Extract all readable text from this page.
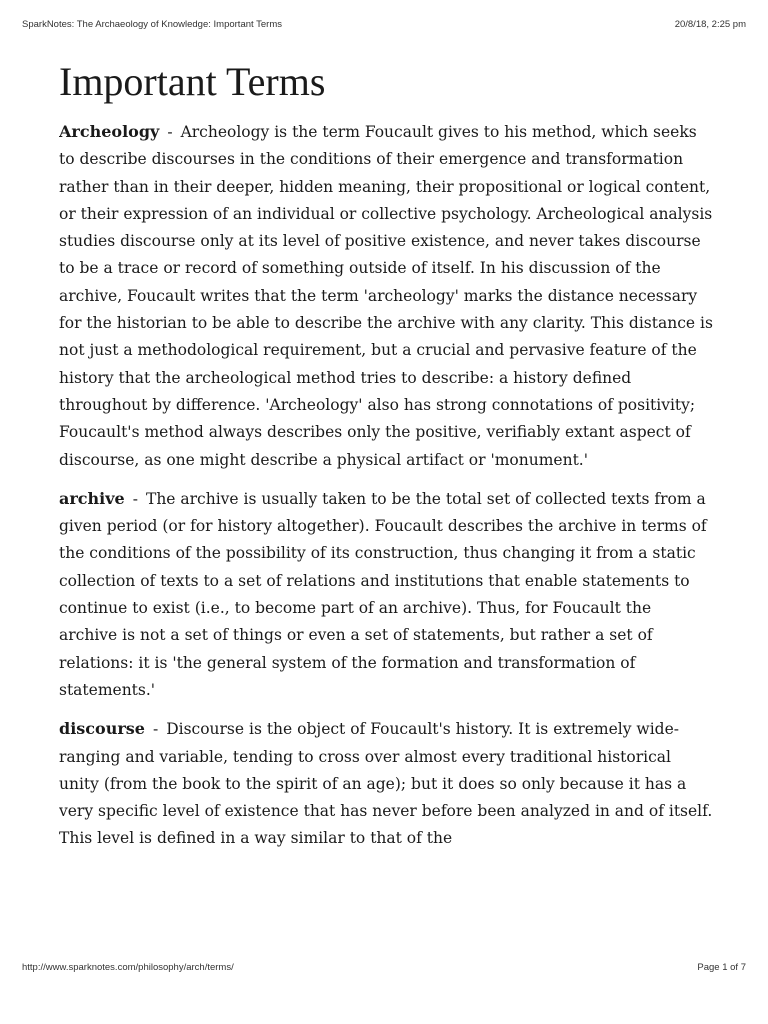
SparkNotes: The Archaeology of Knowledge: Important Terms	20/8/18, 2:25 pm
Important Terms

Archeology - Archeology is the term Foucault gives to his method, which seeks to describe discourses in the conditions of their emergence and transformation rather than in their deeper, hidden meaning, their propositional or logical content, or their expression of an individual or collective psychology. Archeological analysis studies discourse only at its level of positive existence, and never takes discourse to be a trace or record of something outside of itself. In his discussion of the archive, Foucault writes that the term 'archeology' marks the distance necessary for the historian to be able to describe the archive with any clarity. This distance is not just a methodological requirement, but a crucial and pervasive feature of the history that the archeological method tries to describe: a history defined throughout by difference. 'Archeology' also has strong connotations of positivity; Foucault's method always describes only the positive, verifiably extant aspect of discourse, as one might describe a physical artifact or 'monument.'

archive - The archive is usually taken to be the total set of collected texts from a given period (or for history altogether). Foucault describes the archive in terms of the conditions of the possibility of its construction, thus changing it from a static collection of texts to a set of relations and institutions that enable statements to continue to exist (i.e., to become part of an archive). Thus, for Foucault the archive is not a set of things or even a set of statements, but rather a set of relations: it is 'the general system of the formation and transformation of statements.'

discourse - Discourse is the object of Foucault's history. It is extremely wide-ranging and variable, tending to cross over almost every traditional historical unity (from the book to the spirit of an age); but it does so only because it has a very specific level of existence that has never before been analyzed in and of itself. This level is defined in a way similar to that of the

http://www.sparknotes.com/philosophy/arch/terms/	Page 1 of 7
